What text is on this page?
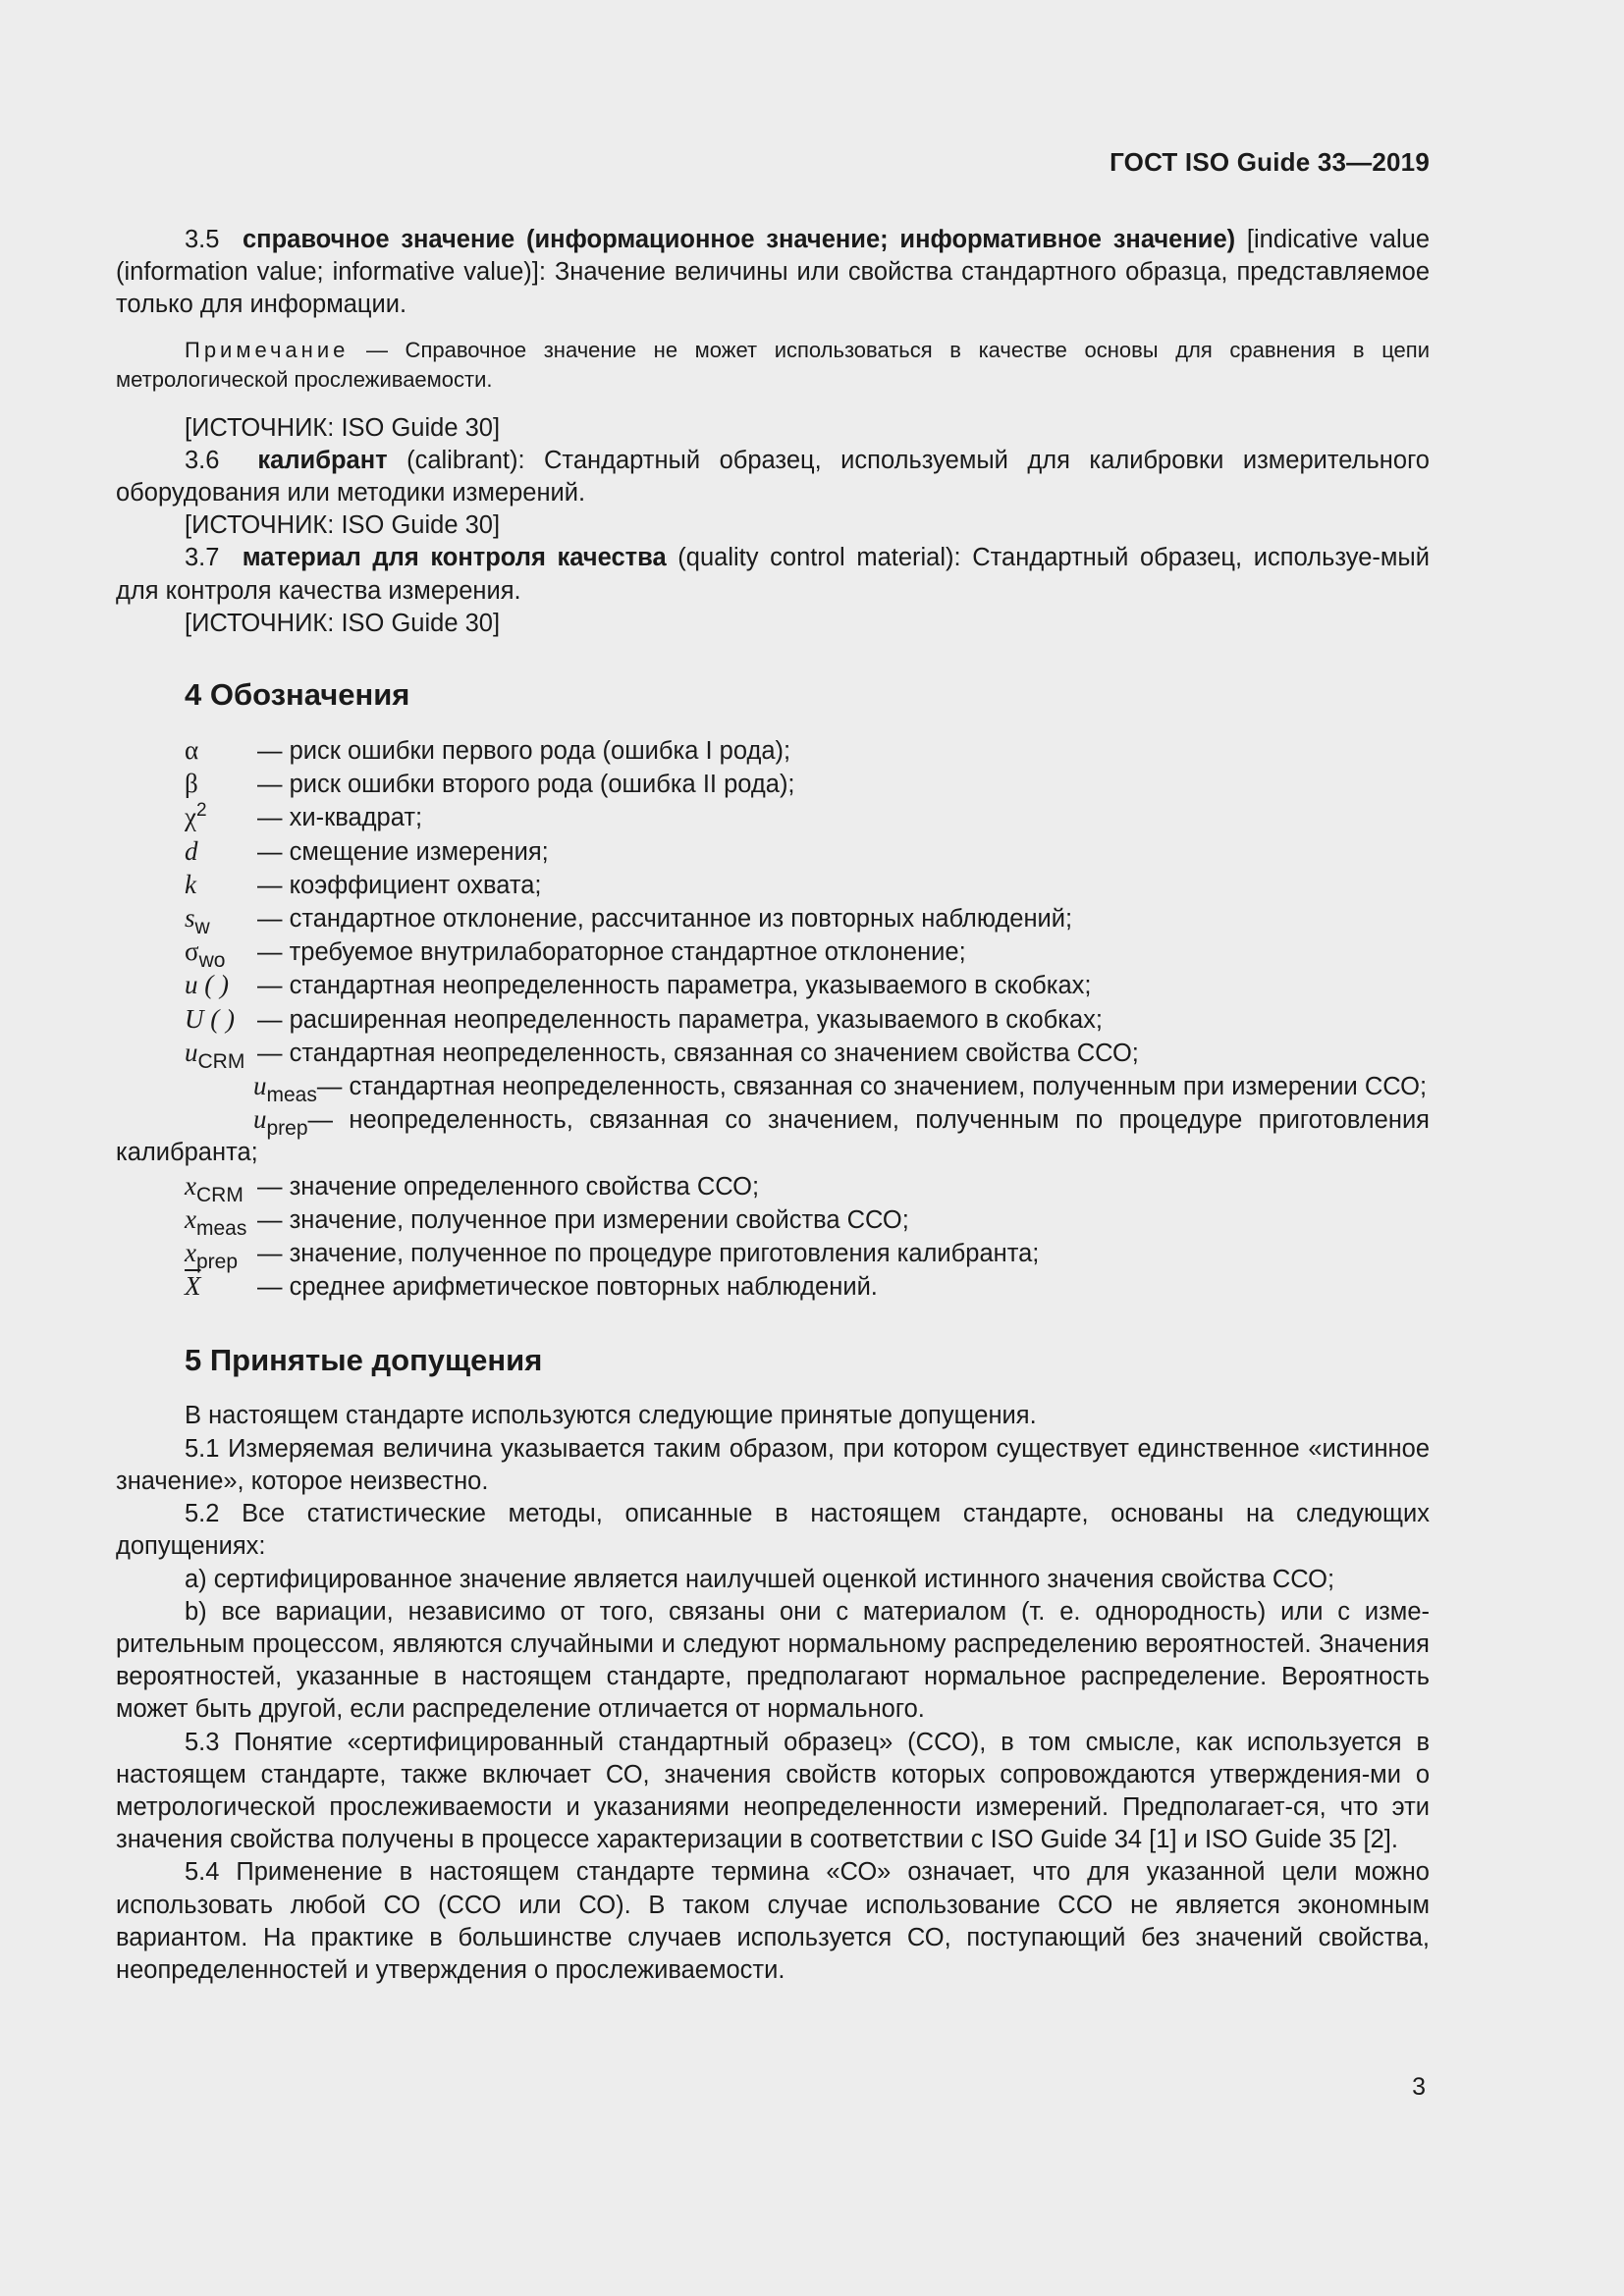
ГОСТ ISO Guide 33—2019

3.5 справочное значение (информационное значение; информативное значение) [indicative value (information value; informative value)]: Значение величины или свойства стандартного образца, представляемое только для информации.

Примечание — Справочное значение не может использоваться в качестве основы для сравнения в цепи метрологической прослеживаемости.

[ИСТОЧНИК: ISO Guide 30]

3.6 калибрант (calibrant): Стандартный образец, используемый для калибровки измерительного оборудования или методики измерений.

[ИСТОЧНИК: ISO Guide 30]

3.7 материал для контроля качества (quality control material): Стандартный образец, используе-мый для контроля качества измерения.

[ИСТОЧНИК: ISO Guide 30]

4 Обозначения

α — риск ошибки первого рода (ошибка I рода);

β — риск ошибки второго рода (ошибка II рода);

$\chi^2$ — хи-квадрат;

d — смещение измерения;

k — коэффициент охвата;

$s_w$ — стандартное отклонение, рассчитанное из повторных наблюдений;

$\sigma_{wo}$ — требуемое внутрилабораторное стандартное отклонение;

u ( ) — стандартная неопределенность параметра, указываемого в скобках;

U ( ) — расширенная неопределенность параметра, указываемого в скобках;

$u_{CRM}$ — стандартная неопределенность, связанная со значением свойства ССО;

$u_{meas}—$ стандартная неопределенность, связанная со значением, полученным при измерении ССО;

$u_{prep}—$ неопределенность, связанная со значением, полученным по процедуре приготовления калибранта;

$x_{CRM}$ — значение определенного свойства ССО;

$x_{meas}$ — значение, полученное при измерении свойства ССО;

$x_{prep}$ — значение, полученное по процедуре приготовления калибранта;

$\overline{X}$ — среднее арифметическое повторных наблюдений.

5 Принятые допущения

В настоящем стандарте используются следующие принятые допущения.

5.1 Измеряемая величина указывается таким образом, при котором существует единственное «истинное значение», которое неизвестно.

5.2 Все статистические методы, описанные в настоящем стандарте, основаны на следующих допущениях:

a) сертифицированное значение является наилучшей оценкой истинного значения свойства ССО;

b) все вариации, независимо от того, связаны они с материалом (т. е. однородность) или с изме-рительным процессом, являются случайными и следуют нормальному распределению вероятностей. Значения вероятностей, указанные в настоящем стандарте, предполагают нормальное распределение. Вероятность может быть другой, если распределение отличается от нормального.

5.3 Понятие «сертифицированный стандартный образец» (ССО), в том смысле, как используется в настоящем стандарте, также включает СО, значения свойств которых сопровождаются утверждения-ми о метрологической прослеживаемости и указаниями неопределенности измерений. Предполагает-ся, что эти значения свойства получены в процессе характеризации в соответствии с ISO Guide 34 [1] и ISO Guide 35 [2].

5.4 Применение в настоящем стандарте термина «СО» означает, что для указанной цели можно использовать любой СО (ССО или СО). В таком случае использование ССО не является экономным вариантом. На практике в большинстве случаев используется СО, поступающий без значений свойства, неопределенностей и утверждения о прослеживаемости.

3
